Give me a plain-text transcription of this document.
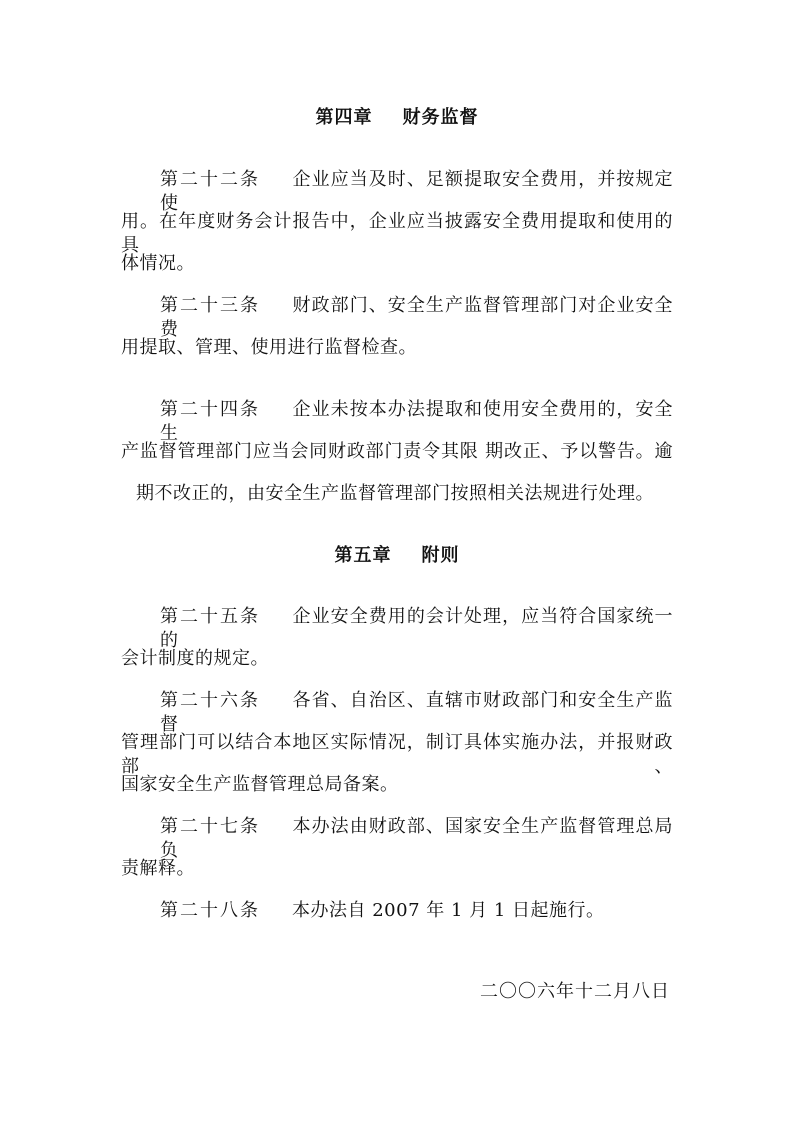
第四章 财务监督
第二十二条 企业应当及时、足额提取安全费用，并按规定使
用。在年度财务会计报告中，企业应当披露安全费用提取和使用的具
体情况。
第二十三条 财政部门、安全生产监督管理部门对企业安全费
用提取、管理、使用进行监督检查。
第二十四条 企业未按本办法提取和使用安全费用的，安全生
产监督管理部门应当会同财政部门责令其限 期改正、予以警告。逾
期不改正的，由安全生产监督管理部门按照相关法规进行处理。
第五章 附则
第二十五条 企业安全费用的会计处理，应当符合国家统一的
会计制度的规定。
第二十六条 各省、自治区、直辖市财政部门和安全生产监督
管理部门可以结合本地区实际情况，制订具体实施办法，并报财政部、
国家安全生产监督管理总局备案。
第二十七条 本办法由财政部、国家安全生产监督管理总局负
责解释。
第二十八条 本办法自 2007 年 1 月 1 日起施行。
二〇〇六年十二月八日
